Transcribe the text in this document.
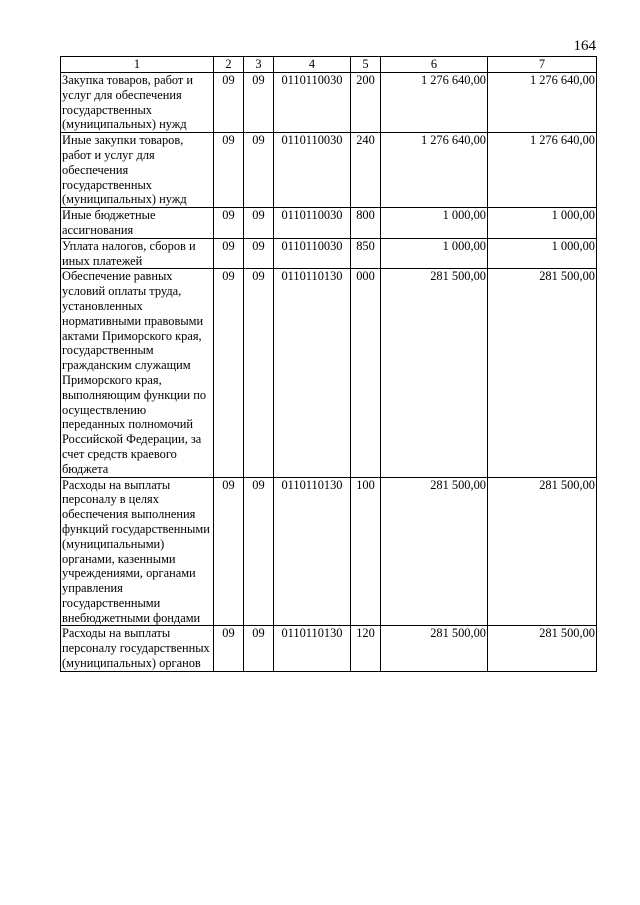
164
1	2	3	4	5	6	7
Закупка товаров, работ и услуг для обеспечения государственных (муниципальных) нужд	09	09	0110110030	200	1 276 640,00	1 276 640,00
Иные закупки товаров, работ и услуг для обеспечения государственных (муниципальных) нужд	09	09	0110110030	240	1 276 640,00	1 276 640,00
Иные бюджетные ассигнования	09	09	0110110030	800	1 000,00	1 000,00
Уплата налогов, сборов и иных платежей	09	09	0110110030	850	1 000,00	1 000,00
Обеспечение равных условий оплаты труда, установленных нормативными правовыми актами Приморского края, государственным гражданским служащим Приморского края, выполняющим функции по осуществлению переданных полномочий Российской Федерации, за счет средств краевого бюджета	09	09	0110110130	000	281 500,00	281 500,00
Расходы на выплаты персоналу в целях обеспечения выполнения функций государственными (муниципальными) органами, казенными учреждениями, органами управления государственными внебюджетными фондами	09	09	0110110130	100	281 500,00	281 500,00
Расходы на выплаты персоналу государственных (муниципальных) органов	09	09	0110110130	120	281 500,00	281 500,00
